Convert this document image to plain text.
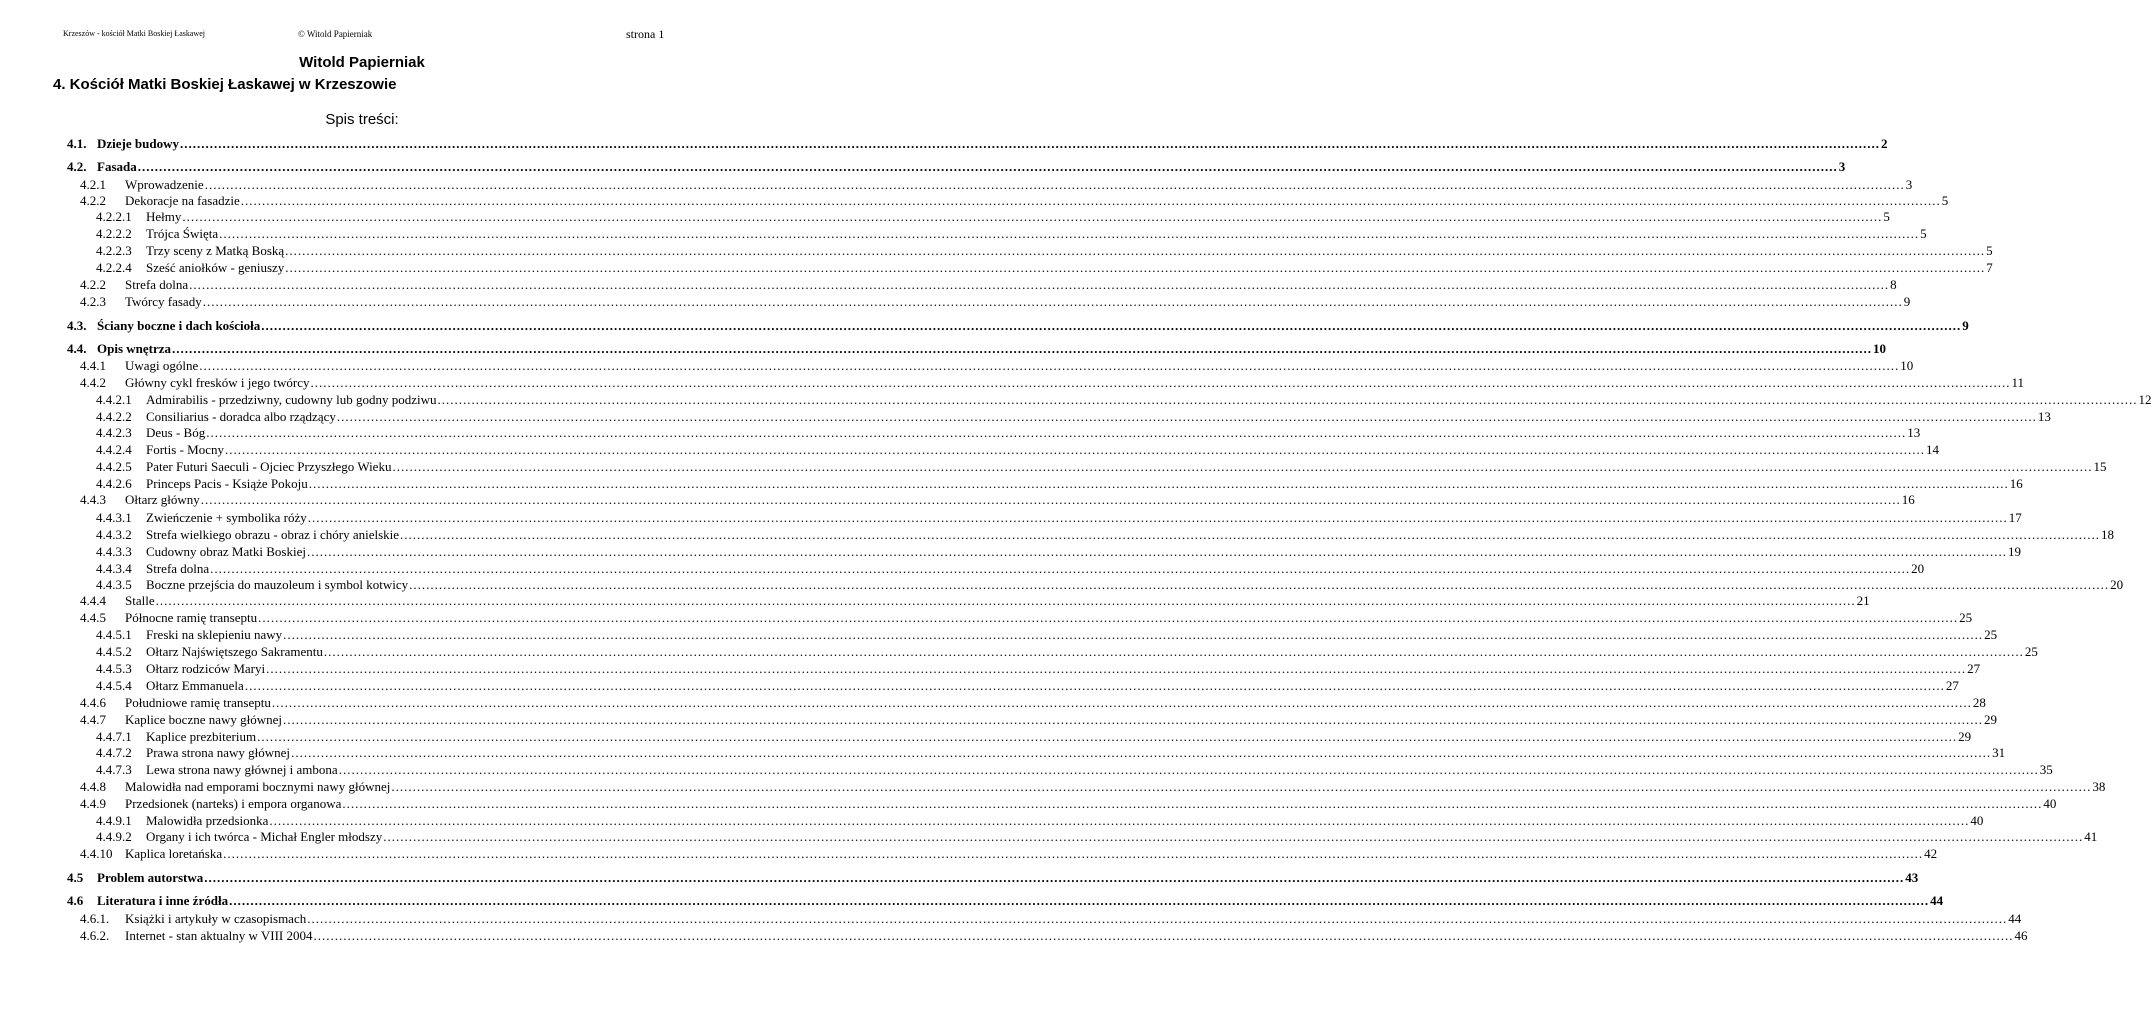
Krzeszów - kościół Matki Boskiej Łaskawej	© Witold Papierniak	strona 1
Witold Papierniak
4. Kościół Matki Boskiej Łaskawej w Krzeszowie
Spis treści:
4.1. Dzieje budowy ................................................................................................................................................................................................................................................................................................................................................................................................................ 2
4.2. Fasada ................................................................................................................................................................................................................................................................................................................................................................................................................ 3
4.2.1	Wprowadzenie ................................................................................................................................................................................................................................................................................................................................................................................................................ 3
4.2.2	Dekoracje na fasadzie ................................................................................................................................................................................................................................................................................................................................................................................................................ 5
4.2.2.1	Hełmy ................................................................................................................................................................................................................................................................................................................................................................................................................ 5
4.2.2.2	Trójca Święta ................................................................................................................................................................................................................................................................................................................................................................................................................ 5
4.2.2.3	Trzy sceny z Matką Boską ................................................................................................................................................................................................................................................................................................................................................................................................................ 5
4.2.2.4	Sześć aniołków - geniuszy ................................................................................................................................................................................................................................................................................................................................................................................................................ 7
4.2.2	Strefa dolna ................................................................................................................................................................................................................................................................................................................................................................................................................ 8
4.2.3	Twórcy fasady ................................................................................................................................................................................................................................................................................................................................................................................................................ 9
4.3. Ściany boczne i dach kościoła ................................................................................................................................................................................................................................................................................................................................................................................................................ 9
4.4. Opis wnętrza ................................................................................................................................................................................................................................................................................................................................................................................................................ 10
4.4.1	Uwagi ogólne ................................................................................................................................................................................................................................................................................................................................................................................................................ 10
4.4.2	Główny cykl fresków i jego twórcy ................................................................................................................................................................................................................................................................................................................................................................................................................ 11
4.4.2.1	Admirabilis - przedziwny, cudowny lub godny podziwu ................................................................................................................................................................................................................................................................................................................................................................................................................ 12
4.4.2.2	Consiliarius - doradca albo rządzący ................................................................................................................................................................................................................................................................................................................................................................................................................ 13
4.4.2.3	Deus - Bóg ................................................................................................................................................................................................................................................................................................................................................................................................................ 13
4.4.2.4	Fortis - Mocny ................................................................................................................................................................................................................................................................................................................................................................................................................ 14
4.4.2.5	Pater Futuri Saeculi - Ojciec Przyszłego Wieku ................................................................................................................................................................................................................................................................................................................................................................................................................ 15
4.4.2.6	Princeps Pacis - Książe Pokoju ................................................................................................................................................................................................................................................................................................................................................................................................................ 16
4.4.3	Ołtarz główny ................................................................................................................................................................................................................................................................................................................................................................................................................ 16
4.4.3.1	Zwieńczenie + symbolika róży ................................................................................................................................................................................................................................................................................................................................................................................................................ 17
4.4.3.2	Strefa wielkiego obrazu - obraz i chóry anielskie ................................................................................................................................................................................................................................................................................................................................................................................................................ 18
4.4.3.3	Cudowny obraz Matki Boskiej ................................................................................................................................................................................................................................................................................................................................................................................................................ 19
4.4.3.4	Strefa dolna ................................................................................................................................................................................................................................................................................................................................................................................................................ 20
4.4.3.5	Boczne przejścia do mauzoleum i symbol kotwicy ................................................................................................................................................................................................................................................................................................................................................................................................................ 20
4.4.4	Stalle ................................................................................................................................................................................................................................................................................................................................................................................................................ 21
4.4.5	Północne ramię transeptu ................................................................................................................................................................................................................................................................................................................................................................................................................ 25
4.4.5.1	Freski na sklepieniu nawy ................................................................................................................................................................................................................................................................................................................................................................................................................ 25
4.4.5.2	Ołtarz Najświętszego Sakramentu ................................................................................................................................................................................................................................................................................................................................................................................................................ 25
4.4.5.3	Ołtarz rodziców Maryi ................................................................................................................................................................................................................................................................................................................................................................................................................ 27
4.4.5.4	Ołtarz Emmanuela ................................................................................................................................................................................................................................................................................................................................................................................................................ 27
4.4.6	Południowe ramię transeptu ................................................................................................................................................................................................................................................................................................................................................................................................................ 28
4.4.7	Kaplice boczne nawy głównej ................................................................................................................................................................................................................................................................................................................................................................................................................ 29
4.4.7.1	Kaplice prezbiterium ................................................................................................................................................................................................................................................................................................................................................................................................................ 29
4.4.7.2	Prawa strona nawy głównej ................................................................................................................................................................................................................................................................................................................................................................................................................ 31
4.4.7.3	Lewa strona nawy głównej i ambona ................................................................................................................................................................................................................................................................................................................................................................................................................ 35
4.4.8	Malowidła nad emporami bocznymi nawy głównej ................................................................................................................................................................................................................................................................................................................................................................................................................ 38
4.4.9	Przedsionek (narteks) i empora organowa ................................................................................................................................................................................................................................................................................................................................................................................................................ 40
4.4.9.1	Malowidła przedsionka ................................................................................................................................................................................................................................................................................................................................................................................................................ 40
4.4.9.2	Organy i ich twórca - Michał Engler młodszy ................................................................................................................................................................................................................................................................................................................................................................................................................ 41
4.4.10 Kaplica loretańska ................................................................................................................................................................................................................................................................................................................................................................................................................ 42
4.5	Problem autorstwa ................................................................................................................................................................................................................................................................................................................................................................................................................ 43
4.6	Literatura i inne źródła ................................................................................................................................................................................................................................................................................................................................................................................................................ 44
4.6.1.	Książki i artykuły w czasopismach ................................................................................................................................................................................................................................................................................................................................................................................................................ 44
4.6.2.	Internet - stan aktualny w VIII 2004 ................................................................................................................................................................................................................................................................................................................................................................................................................ 46
